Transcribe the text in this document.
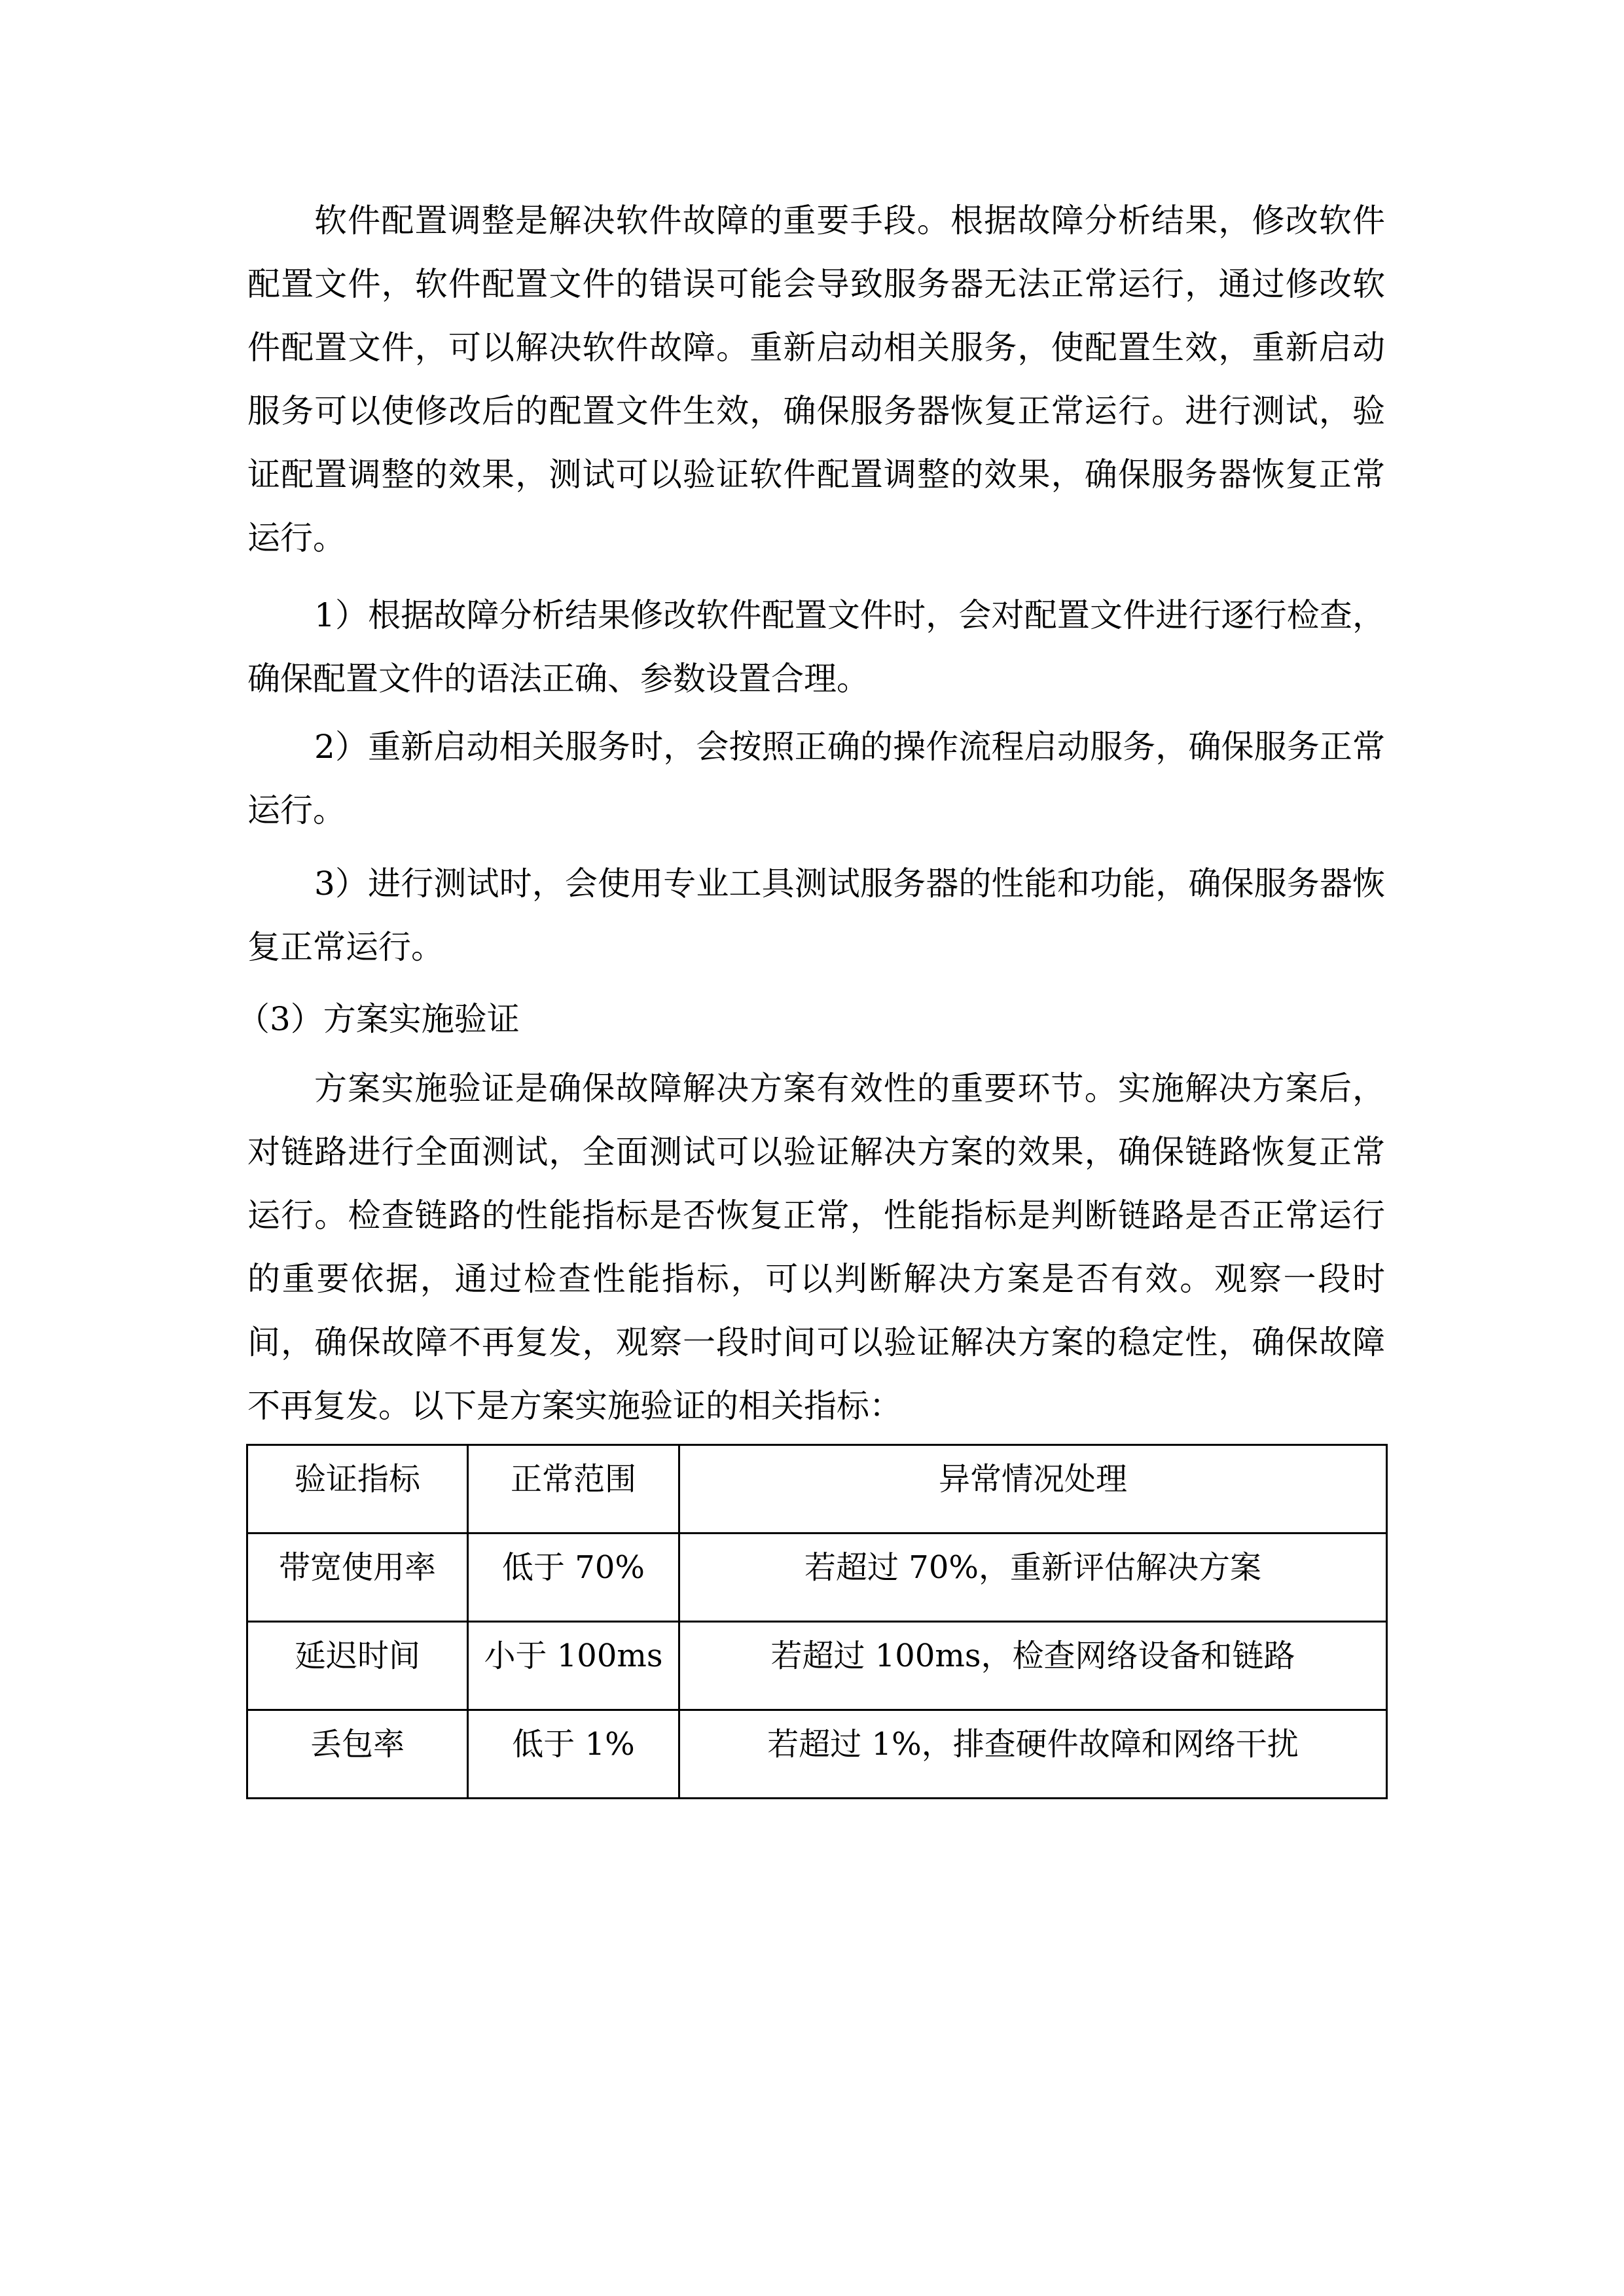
软件配置调整是解决软件故障的重要手段。根据故障分析结果，修改软件配置文件，软件配置文件的错误可能会导致服务器无法正常运行，通过修改软件配置文件，可以解决软件故障。重新启动相关服务，使配置生效，重新启动服务可以使修改后的配置文件生效，确保服务器恢复正常运行。进行测试，验证配置调整的效果，测试可以验证软件配置调整的效果，确保服务器恢复正常运行。
1）根据故障分析结果修改软件配置文件时，会对配置文件进行逐行检查，确保配置文件的语法正确、参数设置合理。
2）重新启动相关服务时，会按照正确的操作流程启动服务，确保服务正常运行。
3）进行测试时，会使用专业工具测试服务器的性能和功能，确保服务器恢复正常运行。
（3）方案实施验证
方案实施验证是确保故障解决方案有效性的重要环节。实施解决方案后，对链路进行全面测试，全面测试可以验证解决方案的效果，确保链路恢复正常运行。检查链路的性能指标是否恢复正常，性能指标是判断链路是否正常运行的重要依据，通过检查性能指标，可以判断解决方案是否有效。观察一段时间，确保故障不再复发，观察一段时间可以验证解决方案的稳定性，确保故障不再复发。以下是方案实施验证的相关指标：
验证指标	正常范围	异常情况处理
带宽使用率	低于 70%	若超过 70%，重新评估解决方案
延迟时间	小于 100ms	若超过 100ms，检查网络设备和链路
丢包率	低于 1%	若超过 1%，排查硬件故障和网络干扰
